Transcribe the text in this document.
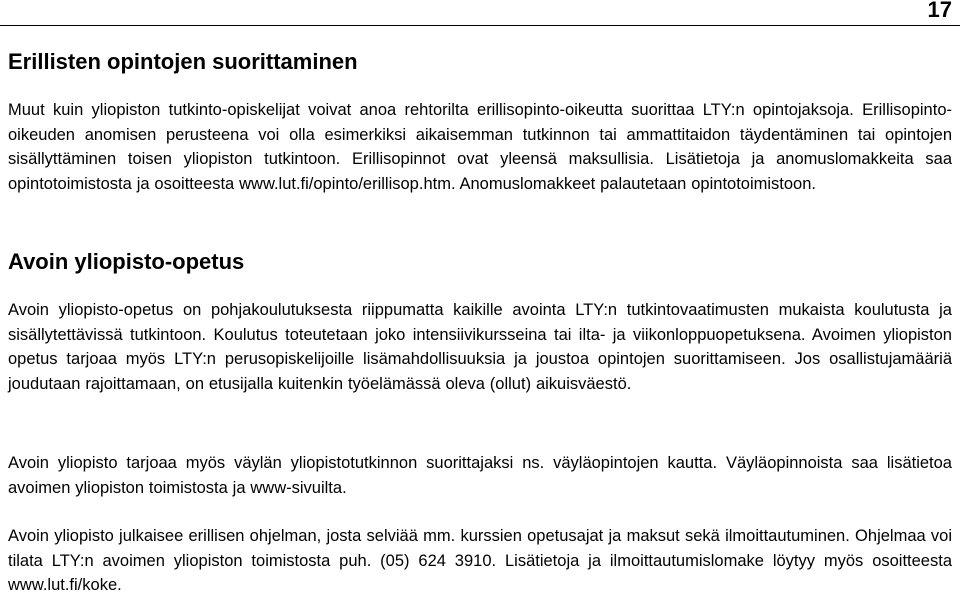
17
Erillisten opintojen suorittaminen

Muut kuin yliopiston tutkinto-opiskelijat voivat anoa rehtorilta erillisopinto-oikeutta suorittaa LTY:n opintojaksoja. Erillisopinto-oikeuden anomisen perusteena voi olla esimerkiksi aikaisemman tutkinnon tai ammattitaidon täydentäminen tai opintojen sisällyttäminen toisen yliopiston tutkintoon. Erillisopinnot ovat yleensä maksullisia. Lisätietoja ja anomuslomakkeita saa opintotoimistosta ja osoitteesta www.lut.fi/opinto/erillisop.htm. Anomuslomakkeet palautetaan opintotoimistoon.

Avoin yliopisto-opetus

Avoin yliopisto-opetus on pohjakoulutuksesta riippumatta kaikille avointa LTY:n tutkintovaatimusten mukaista koulutusta ja sisällytettävissä tutkintoon. Koulutus toteutetaan joko intensiivikursseina tai ilta- ja viikonloppuopetuksena. Avoimen yliopiston opetus tarjoaa myös LTY:n perusopiskelijoille lisämahdollisuuksia ja joustoa opintojen suorittamiseen. Jos osallistujamääriä joudutaan rajoittamaan, on etusijalla kuitenkin työelämässä oleva (ollut) aikuisväestö.

Avoin yliopisto tarjoaa myös väylän yliopistotutkinnon suorittajaksi ns. väyläopintojen kautta. Väyläopinnoista saa lisätietoa avoimen yliopiston toimistosta ja www-sivuilta.

Avoin yliopisto julkaisee erillisen ohjelman, josta selviää mm. kurssien opetusajat ja maksut sekä ilmoittautuminen. Ohjelmaa voi tilata LTY:n avoimen yliopiston toimistosta puh. (05) 624 3910. Lisätietoja ja ilmoittautumislomake löytyy myös osoitteesta www.lut.fi/koke.
